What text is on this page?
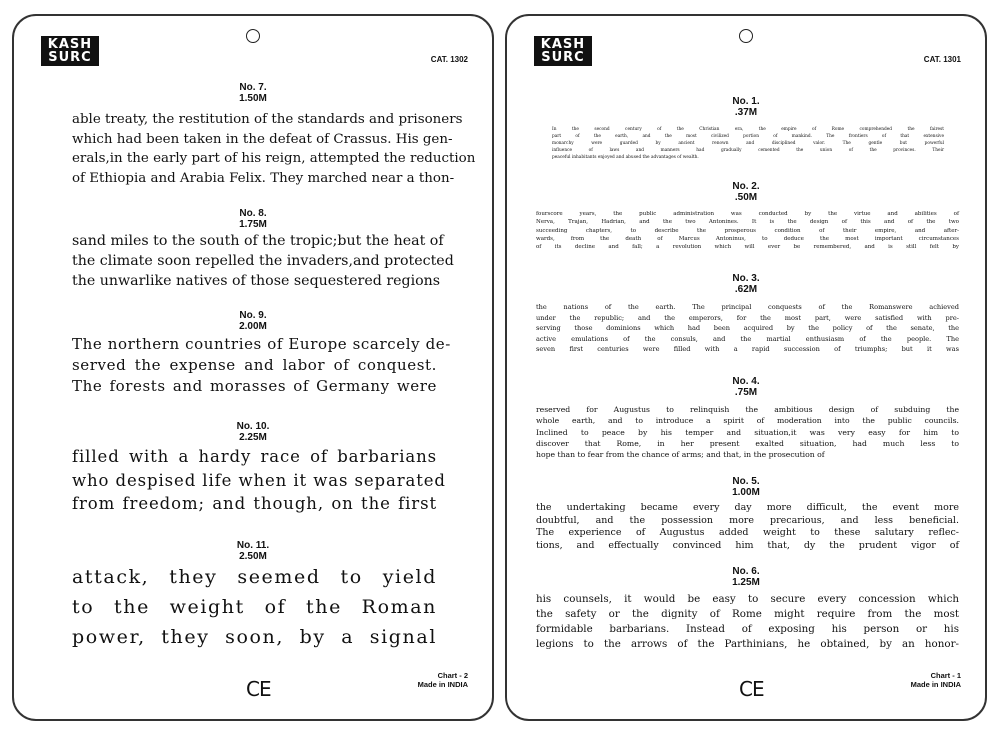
KASH
SURC	CAT. 1302
No. 7.
1.50M
able treaty, the restitution of the standards and prisoners
which had been taken in the defeat of Crassus. His gen-
erals,in the early part of his reign, attempted the reduction
of Ethiopia and Arabia Felix. They marched near a thon-
No. 8.
1.75M
sand miles to the south of the tropic;but the heat of
the climate soon repelled the invaders,and protected
the unwarlike natives of those sequestered regions
No. 9.
2.00M
The northern countries of Europe scarcely de-
served the expense and labor of conquest.
The forests and morasses of Germany were
No. 10.
2.25M
filled with a hardy race of barbarians
who despised life when it was separated
from freedom; and though, on the first
No. 11.
2.50M
attack, they seemed to yield
to the weight of the Roman
power, they soon, by a signal
Chart - 2
Made in INDIA
CE
KASH
SURC	CAT. 1301
No. 1.
.37M
In the second century of the Christian era, the empire of Rome comprehended the fairest
part of the earth, and the most civilized portion of mankind. The frontiers of that extensive
monarchy were guarded by ancient renown and disciplined valor. The gentle but powerful
influence of laws and manners had gradually cemented the union of the provinces. Their
peaceful inhabitants enjoyed and abused the advantages of wealth.
No. 2.
.50M
fourscore years, the public administration was conducted by the virtue and abilities of
Nerva, Trajan, Hadrian, and the two Antonines. It is the design of this and of the two
succeeding chapters, to describe the prosperous condition of their empire, and after-
wards, from the death of Marcus Antoninus, to deduce the most important circumstances
of its decline and fall; a revolution which will ever be remembered, and is still felt by
No. 3.
.62M
the nations of the earth. The principal conquests of the Romanswere achieved
under the republic; and the emperors, for the most part, were satisfied with pre-
serving those dominions which had been acquired by the policy of the senate, the
active emulations of the consuls, and the martial enthusiasm of the people. The
seven first centuries were filled with a rapid succession of triumphs; but it was
No. 4.
.75M
reserved for Augustus to relinquish the ambitious design of subduing the
whole earth, and to introduce a spirit of moderation into the public councils.
Inclined to peace by his temper and situation,it was very easy for him to
discover that Rome, in her present exalted situation, had much less to
hope than to fear from the chance of arms; and that, in the prosecution of
No. 5.
1.00M
the undertaking became every day more difficult, the event more
doubtful, and the possession more precarious, and less beneficial.
The experience of Augustus added weight to these salutary reflec-
tions, and effectually convinced him that, dy the prudent vigor of
No. 6.
1.25M
his counsels, it would be easy to secure every concession which
the safety or the dignity of Rome might require from the most
formidable barbarians. Instead of exposing his person or his
legions to the arrows of the Parthinians, he obtained, by an honor-
Chart - 1
Made in INDIA
CE
